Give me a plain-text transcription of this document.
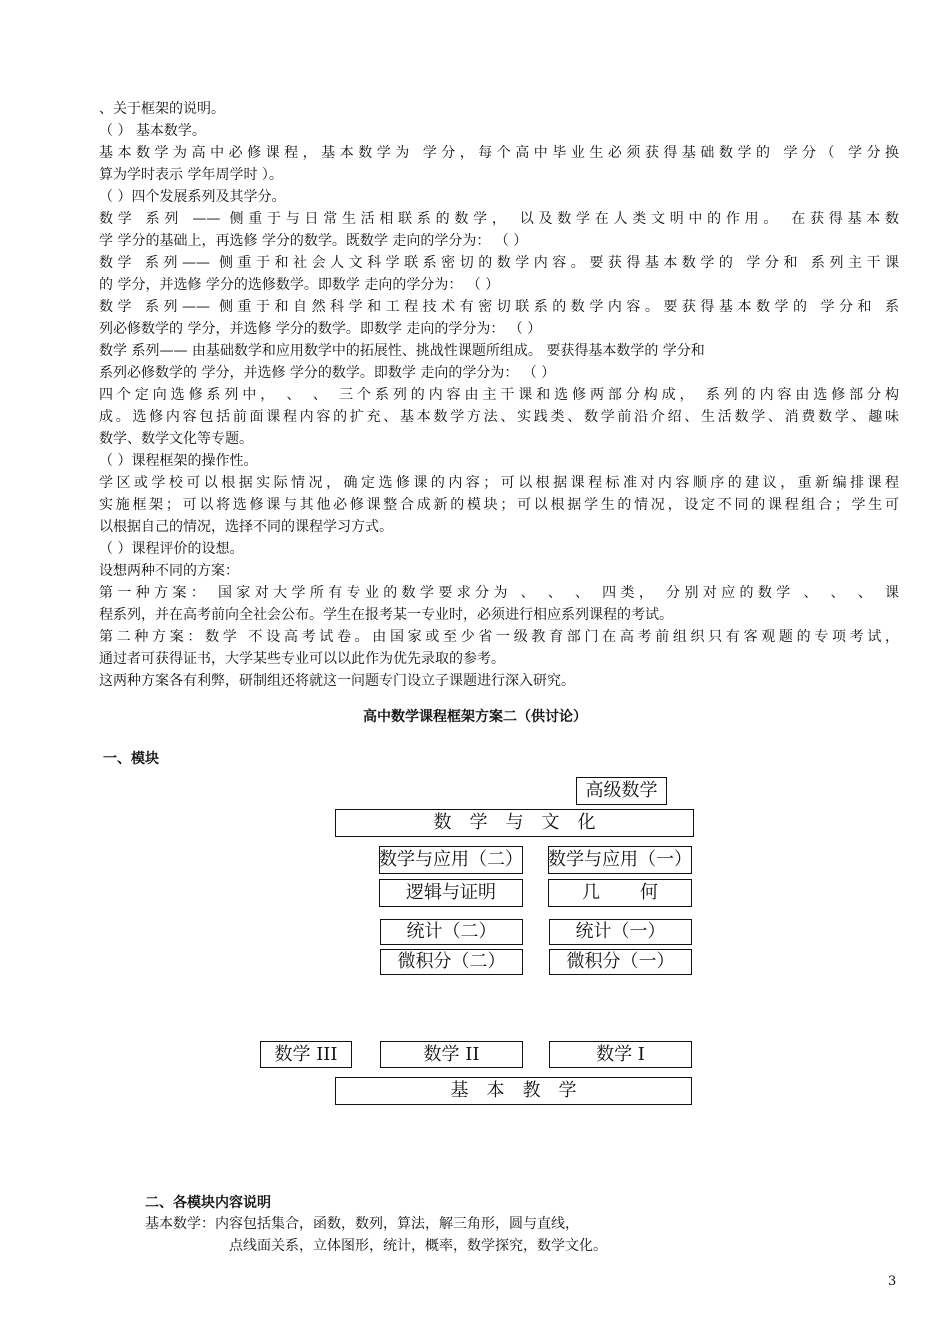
、关于框架的说明。
（ ） 基本数学。
基本数学为高中必修课程，基本数学为 学分，每个高中毕业生必须获得基础数学的 学分（ 学分换
算为学时表示 学年周学时 ）。
（ ）四个发展系列及其学分。
数学 系列 —— 侧重于与日常生活相联系的数学， 以及数学在人类文明中的作用。 在获得基本数
学 学分的基础上，再选修 学分的数学。既数学 走向的学分为： （ ）
数学 系列—— 侧重于和社会人文科学联系密切的数学内容。要获得基本数学的 学分和 系列主干课
的 学分，并选修 学分的选修数学。即数学 走向的学分为： （ ）
数学 系列—— 侧重于和自然科学和工程技术有密切联系的数学内容。要获得基本数学的 学分和 系
列必修数学的 学分，并选修 学分的数学。即数学 走向的学分为： （ ）
数学 系列—— 由基础数学和应用数学中的拓展性、挑战性课题所组成。 要获得基本数学的 学分和
系列必修数学的 学分，并选修 学分的数学。即数学 走向的学分为： （ ）
四个定向选修系列中， 、 、 三个系列的内容由主干课和选修两部分构成， 系列的内容由选修部分构
成。选修内容包括前面课程内容的扩充、基本数学方法、实践类、数学前沿介绍、生活数学、消费数学、趣味
数学、数学文化等专题。
（ ）课程框架的操作性。
学区或学校可以根据实际情况，确定选修课的内容；可以根据课程标准对内容顺序的建议，重新编排课程
实施框架；可以将选修课与其他必修课整合成新的模块；可以根据学生的情况，设定不同的课程组合；学生可
以根据自己的情况，选择不同的课程学习方式。
（ ）课程评价的设想。
设想两种不同的方案：
第一种方案： 国家对大学所有专业的数学要求分为 、 、 、 四类， 分别对应的数学 、 、 、 课
程系列，并在高考前向全社会公布。学生在报考某一专业时，必须进行相应系列课程的考试。
第二种方案：数学 不设高考试卷。由国家或至少省一级教育部门在高考前组织只有客观题的专项考试，
通过者可获得证书，大学某些专业可以以此作为优先录取的参考。
这两种方案各有利弊，研制组还将就这一问题专门设立子课题进行深入研究。
高中数学课程框架方案二（供讨论）
一、模块
高级数学
数学与文化
数学与应用（二） 数学与应用（一）
逻辑与证明	几何
统计（二）	统计（一）
微积分（二）	微积分（一）
数学 III	数学 II	数学 I
基本教学
二、各模块内容说明
基本数学：内容包括集合，函数，数列，算法，解三角形，圆与直线，
点线面关系，立体图形，统计，概率，数学探究，数学文化。
3
